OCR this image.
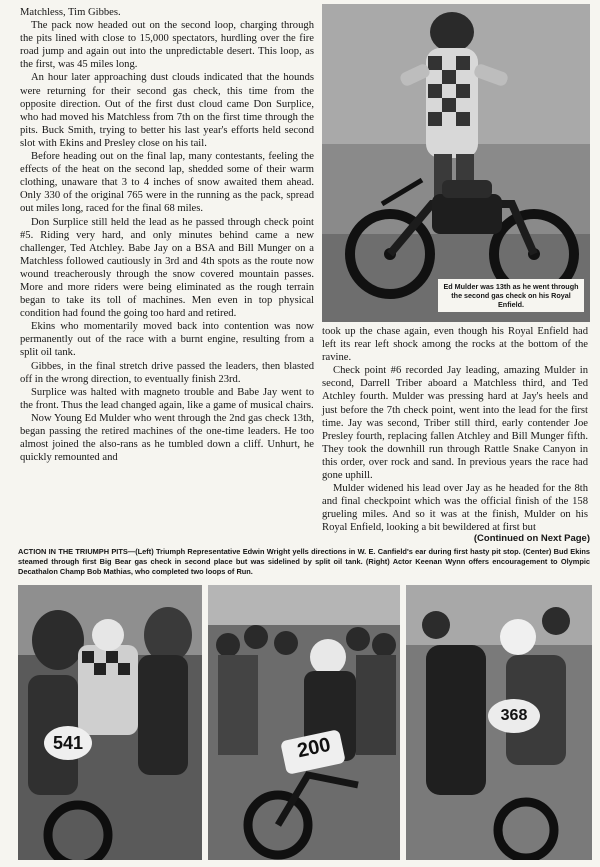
Matchless, Tim Gibbes.

The pack now headed out on the second loop, charging through the pits lined with close to 15,000 spectators, hurdling over the fire road jump and again out into the unpredictable desert. This loop, as the first, was 45 miles long.

An hour later approaching dust clouds indicated that the hounds were returning for their second gas check, this time from the opposite direction. Out of the first dust cloud came Don Surplice, who had moved his Matchless from 7th on the first time through the pits. Buck Smith, trying to better his last year's efforts held second slot with Ekins and Presley close on his tail.

Before heading out on the final lap, many contestants, feeling the effects of the heat on the second lap, shedded some of their warm clothing, unaware that 3 to 4 inches of snow awaited them ahead. Only 330 of the original 765 were in the running as the pack, spread out miles long, raced for the final 68 miles.

Don Surplice still held the lead as he passed through check point #5. Riding very hard, and only minutes behind came a new challenger, Ted Atchley. Babe Jay on a BSA and Bill Munger on a Matchless followed cautiously in 3rd and 4th spots as the route now wound treacherously through the snow covered mountain passes. More and more riders were being eliminated as the rough terrain began to take its toll of machines. Men even in top physical condition had found the going too hard and retired.

Ekins who momentarily moved back into contention was now permanently out of the race with a burnt engine, resulting from a split oil tank.

Gibbes, in the final stretch drive passed the leaders, then blasted off in the wrong direction, to eventually finish 23rd.

Surplice was halted with magneto trouble and Babe Jay went to the front. Thus the lead changed again, like a game of musical chairs.

Now Young Ed Mulder who went through the 2nd gas check 13th, began passing the retired machines of the one-time leaders. He too almost joined the also-rans as he tumbled down a cliff. Unhurt, he quickly remounted and

Ed Mulder was 13th as he went through the second gas check on his Royal Enfield.

took up the chase again, even though his Royal Enfield had left its rear left shock among the rocks at the bottom of the ravine.

Check point #6 recorded Jay leading, amazing Mulder in second, Darrell Triber aboard a Matchless third, and Ted Atchley fourth. Mulder was pressing hard at Jay's heels and just before the 7th check point, went into the lead for the first time. Jay was second, Triber still third, early contender Joe Presley fourth, replacing fallen Atchley and Bill Munger fifth. They took the downhill run through Rattle Snake Canyon in this order, over rock and sand. In previous years the race had gone uphill.

Mulder widened his lead over Jay as he headed for the 8th and final checkpoint which was the official finish of the 158 grueling miles. And so it was at the finish, Mulder on his Royal Enfield, looking a bit bewildered at first but

(Continued on Next Page)
ACTION IN THE TRIUMPH PITS—(Left) Triumph Representative Edwin Wright yells directions in W. E. Canfield's ear during first hasty pit stop. (Center) Bud Ekins steamed through first Big Bear gas check in second place but was sidelined by split oil tank. (Right) Actor Keenan Wynn offers encouragement to Olympic Decathalon Champ Bob Mathias, who completed two loops of Run.
541	200
368
